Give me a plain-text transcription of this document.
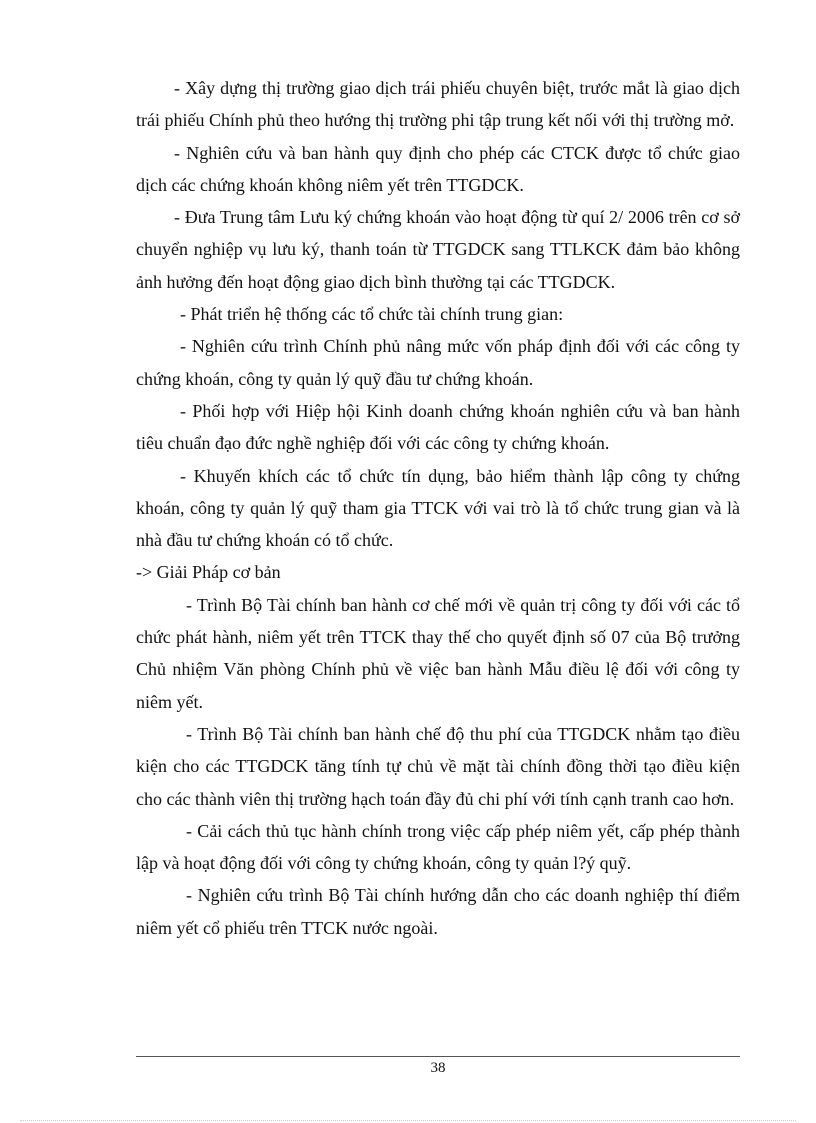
- Xây dựng thị trường giao dịch trái phiếu chuyên biệt, trước mắt là giao dịch trái phiếu Chính phủ theo hướng thị trường phi tập trung kết nối với thị trường mở.

- Nghiên cứu và ban hành quy định cho phép các CTCK được tổ chức giao dịch các chứng khoán không niêm yết trên TTGDCK.

- Đưa Trung tâm Lưu ký chứng khoán vào hoạt động từ quí 2/ 2006 trên cơ sở chuyển nghiệp vụ lưu ký, thanh toán từ TTGDCK sang TTLKCK đảm bảo không ảnh hưởng đến hoạt động giao dịch bình thường tại các TTGDCK.

- Phát triển hệ thống các tổ chức tài chính trung gian:

- Nghiên cứu trình Chính phủ nâng mức vốn pháp định đối với các công ty chứng khoán, công ty quản lý quỹ đầu tư chứng khoán.

- Phối hợp với Hiệp hội Kinh doanh chứng khoán nghiên cứu và ban hành tiêu chuẩn đạo đức nghề nghiệp đối với các công ty chứng khoán.

- Khuyến khích các tổ chức tín dụng, bảo hiểm thành lập công ty chứng khoán, công ty quản lý quỹ tham gia TTCK với vai trò là tổ chức trung gian và là nhà đầu tư chứng khoán có tổ chức.

-> Giải Pháp cơ bản

- Trình Bộ Tài chính ban hành cơ chế mới về quản trị công ty đối với các tổ chức phát hành, niêm yết trên TTCK thay thế cho quyết định số 07 của Bộ trưởng Chủ nhiệm Văn phòng Chính phủ về việc ban hành Mẫu điều lệ đối với công ty niêm yết.

- Trình Bộ Tài chính ban hành chế độ thu phí của TTGDCK nhằm tạo điều kiện cho các TTGDCK tăng tính tự chủ về mặt tài chính đồng thời tạo điều kiện cho các thành viên thị trường hạch toán đầy đủ chi phí với tính cạnh tranh cao hơn.

- Cải cách thủ tục hành chính trong việc cấp phép niêm yết, cấp phép thành lập và hoạt động đối với công ty chứng khoán, công ty quản l?ý quỹ.

- Nghiên cứu trình Bộ Tài chính hướng dẫn cho các doanh nghiệp thí điểm niêm yết cổ phiếu trên TTCK nước ngoài.

38
